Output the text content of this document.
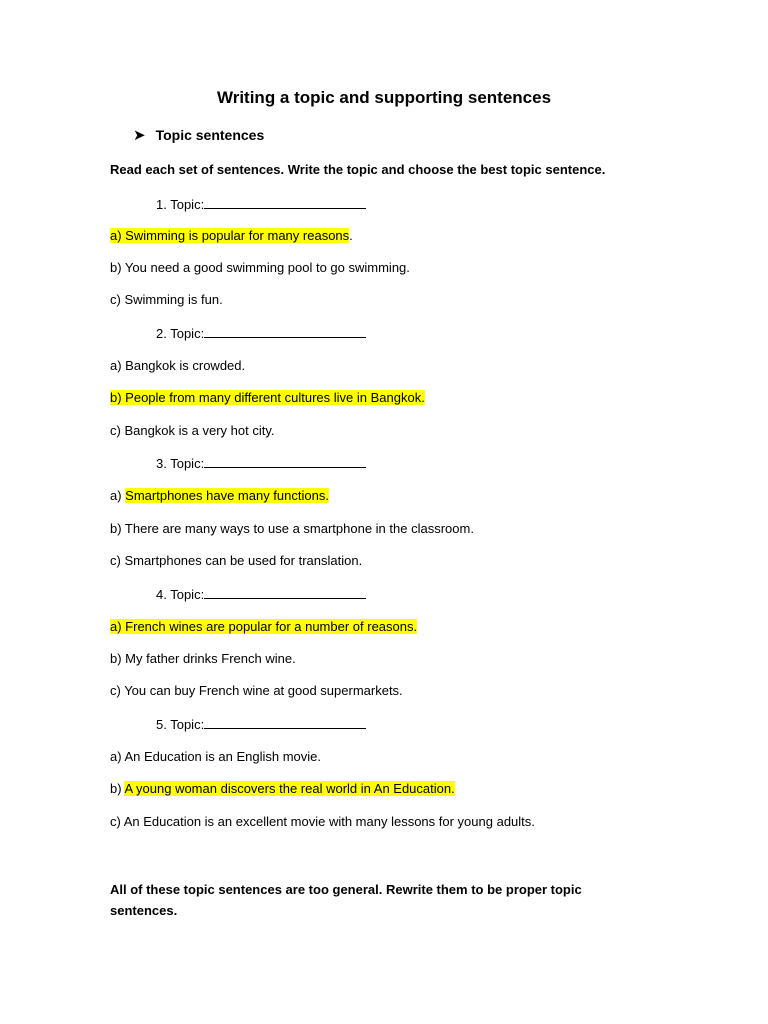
Writing a topic and supporting sentences
➤ Topic sentences
Read each set of sentences. Write the topic and choose the best topic sentence.
1. Topic:
a) Swimming is popular for many reasons.
b) You need a good swimming pool to go swimming.
c) Swimming is fun.
2. Topic:
a) Bangkok is crowded.
b) People from many different cultures live in Bangkok.
c) Bangkok is a very hot city.
3. Topic:
a) Smartphones have many functions.
b) There are many ways to use a smartphone in the classroom.
c) Smartphones can be used for translation.
4. Topic:
a) French wines are popular for a number of reasons.
b) My father drinks French wine.
c) You can buy French wine at good supermarkets.
5. Topic:
a) An Education is an English movie.
b) A young woman discovers the real world in An Education.
c) An Education is an excellent movie with many lessons for young adults.
All of these topic sentences are too general. Rewrite them to be proper topic sentences.
